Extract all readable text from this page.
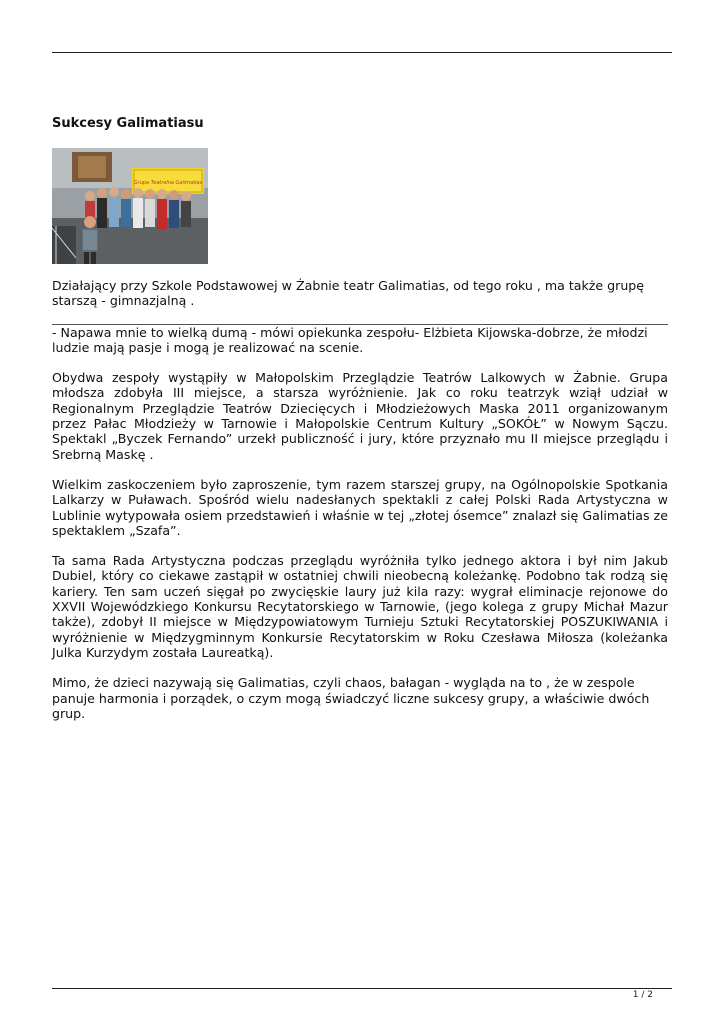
Sukcesy Galimatiasu
Grupa Teatralna Galimatias

Działający przy Szkole Podstawowej w Żabnie teatr Galimatias, od tego roku , ma także grupę starszą - gimnazjalną .

- Napawa mnie to wielką dumą - mówi opiekunka zespołu- Elżbieta Kijowska-dobrze, że młodzi ludzie mają pasje i mogą je realizować na scenie.

Obydwa zespoły wystąpiły w Małopolskim Przeglądzie Teatrów Lalkowych w Żabnie. Grupa młodsza zdobyła III miejsce, a starsza wyróżnienie. Jak co roku teatrzyk wziął udział w Regionalnym Przeglądzie Teatrów Dziecięcych i Młodzieżowych Maska 2011 organizowanym przez Pałac Młodzieży w Tarnowie i Małopolskie Centrum Kultury „SOKÓŁ” w Nowym Sączu. Spektakl „Byczek Fernando” urzekł publiczność i jury, które przyznało mu II miejsce przeglądu i Srebrną Maskę .

Wielkim zaskoczeniem było zaproszenie, tym razem starszej grupy, na Ogólnopolskie Spotkania Lalkarzy w Puławach. Spośród wielu nadesłanych spektakli z całej Polski Rada Artystyczna w Lublinie wytypowała osiem przedstawień i właśnie w tej „złotej ósemce” znalazł się Galimatias ze spektaklem „Szafa”.

Ta sama Rada Artystyczna podczas przeglądu wyróżniła tylko jednego aktora i był nim Jakub Dubiel, który co ciekawe zastąpił w ostatniej chwili nieobecną koleżankę. Podobno tak rodzą się kariery. Ten sam uczeń sięgał po zwycięskie laury już kila razy: wygrał eliminacje rejonowe do XXVII Wojewódzkiego Konkursu Recytatorskiego w Tarnowie, (jego kolega z grupy Michał Mazur także), zdobył II miejsce w Międzypowiatowym Turnieju Sztuki Recytatorskiej POSZUKIWANIA i wyróżnienie w Międzygminnym Konkursie Recytatorskim w Roku Czesława Miłosza (koleżanka Julka Kurzydym została Laureatką).

Mimo, że dzieci nazywają się Galimatias, czyli chaos, bałagan - wygląda na to , że w zespole panuje harmonia i porządek, o czym mogą świadczyć liczne sukcesy grupy, a właściwie dwóch grup.

1 / 2
